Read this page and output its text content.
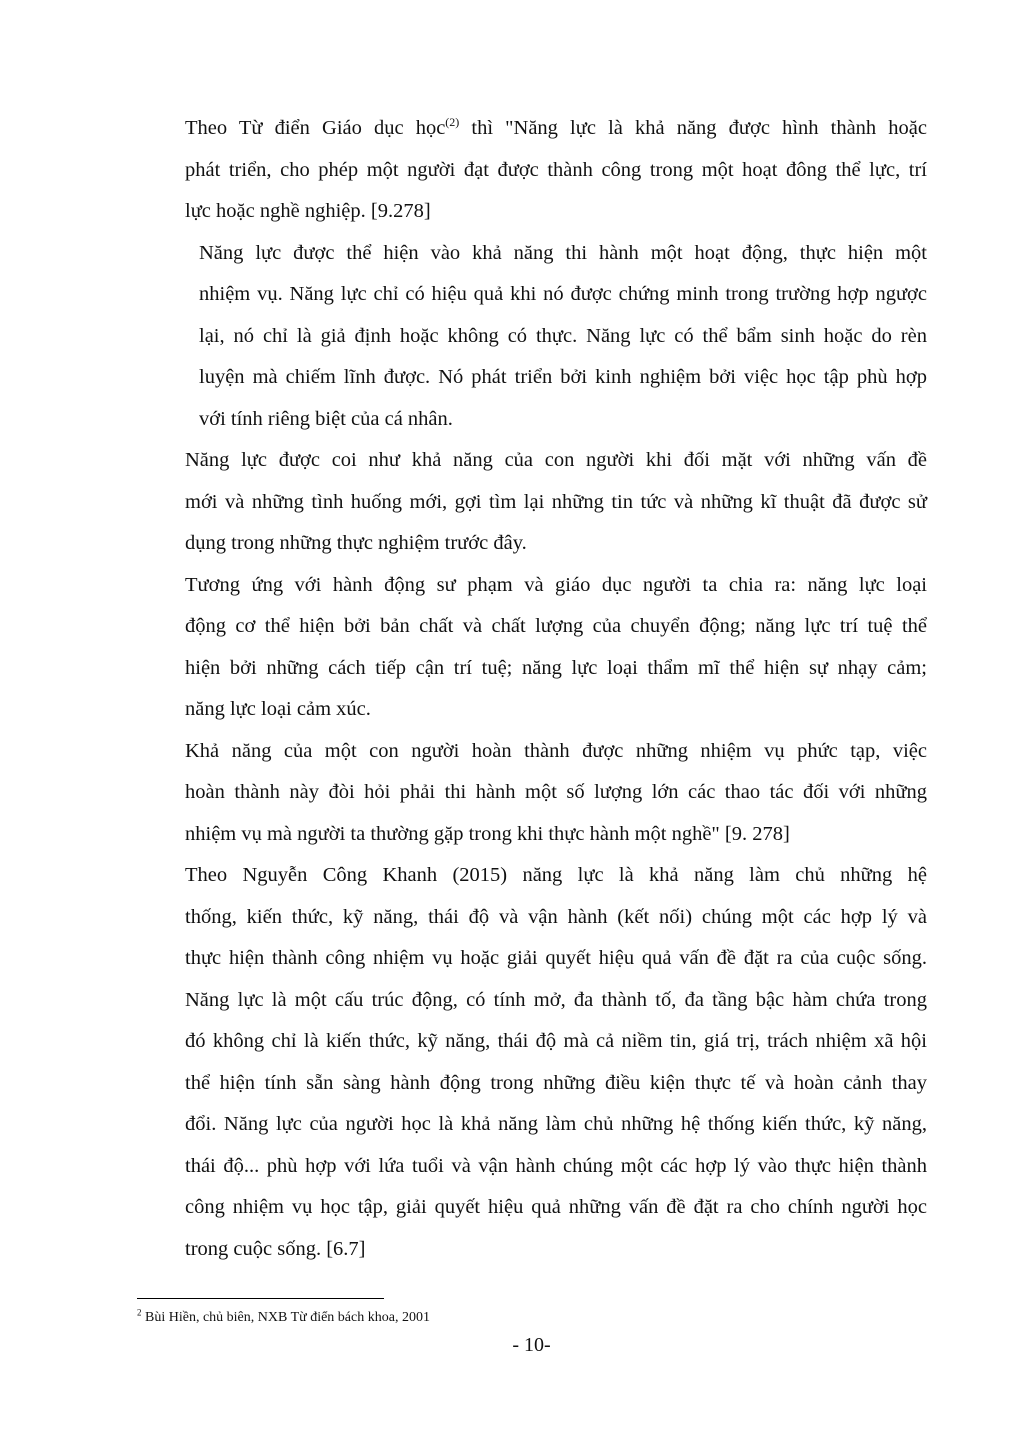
Theo Từ điển Giáo dục học$^{(2)}$ thì "Năng lực là khả năng được hình thành hoặc
phát triển, cho phép một người đạt được thành công trong một hoạt đông thể lực, trí
lực hoặc nghề nghiệp. [9.278]

Năng lực được thể hiện vào khả năng thi hành một hoạt động, thực hiện một
nhiệm vụ. Năng lực chỉ có hiệu quả khi nó được chứng minh trong trường hợp ngược
lại, nó chỉ là giả định hoặc không có thực. Năng lực có thể bẩm sinh hoặc do rèn
luyện mà chiếm lĩnh được. Nó phát triển bởi kinh nghiệm bởi việc học tập phù hợp
với tính riêng biệt của cá nhân.

Năng lực được coi như khả năng của con người khi đối mặt với những vấn đề
mới và những tình huống mới, gợi tìm lại những tin tức và những kĩ thuật đã được sử
dụng trong những thực nghiệm trước đây.

Tương ứng với hành động sư phạm và giáo dục người ta chia ra: năng lực loại
động cơ thể hiện bởi bản chất và chất lượng của chuyển động; năng lực trí tuệ thể
hiện bởi những cách tiếp cận trí tuệ; năng lực loại thẩm mĩ thể hiện sự nhạy cảm;
năng lực loại cảm xúc.

Khả năng của một con người hoàn thành được những nhiệm vụ phức tạp, việc
hoàn thành này đòi hỏi phải thi hành một số lượng lớn các thao tác đối với những
nhiệm vụ mà người ta thường gặp trong khi thực hành một nghề" [9. 278]

Theo Nguyễn Công Khanh (2015) năng lực là khả năng làm chủ những hệ
thống, kiến thức, kỹ năng, thái độ và vận hành (kết nối) chúng một các hợp lý và
thực hiện thành công nhiệm vụ hoặc giải quyết hiệu quả vấn đề đặt ra của cuộc sống.
Năng lực là một cấu trúc động, có tính mở, đa thành tố, đa tầng bậc hàm chứa trong
đó không chỉ là kiến thức, kỹ năng, thái độ mà cả niềm tin, giá trị, trách nhiệm xã hội
thể hiện tính sẵn sàng hành động trong những điều kiện thực tế và hoàn cảnh thay
đổi. Năng lực của người học là khả năng làm chủ những hệ thống kiến thức, kỹ năng,
thái độ... phù hợp với lứa tuổi và vận hành chúng một các hợp lý vào thực hiện thành
công nhiệm vụ học tập, giải quyết hiệu quả những vấn đề đặt ra cho chính người học
trong cuộc sống. [6.7]

$^2$ Bùi Hiền, chủ biên, NXB Từ điển bách khoa, 2001
- 10-
